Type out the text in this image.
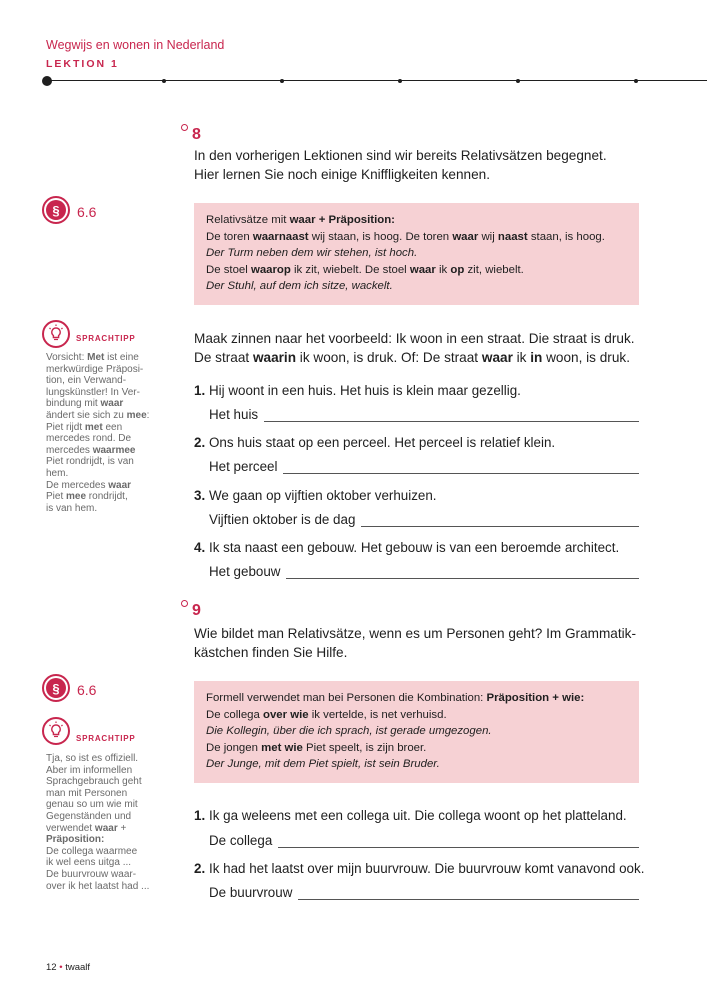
Wegwijs en wonen in Nederland
LEKTION 1
8
In den vorherigen Lektionen sind wir bereits Relativsätzen begegnet.
Hier lernen Sie noch einige Kniffligkeiten kennen.
§	6.6	Relativsätze mit waar + Präposition:
De toren waarnaast wij staan, is hoog. De toren waar wij naast staan, is hoog.
Der Turm neben dem wir stehen, ist hoch.
De stoel waarop ik zit, wiebelt. De stoel waar ik op zit, wiebelt.
Der Stuhl, auf dem ich sitze, wackelt.
SPRACHTIPP
Vorsicht: Met ist eine
merkwürdige Präposi-
tion, ein Verwand-
lungskünstler! In Ver-
bindung mit waar
ändert sie sich zu mee:
Piet rijdt met een
mercedes rond. De
mercedes waarmee
Piet rondrijdt, is van
hem.
De mercedes waar
Piet mee rondrijdt,
is van hem.
Maak zinnen naar het voorbeeld: Ik woon in een straat. Die straat is druk.
De straat waarin ik woon, is druk. Of: De straat waar ik in woon, is druk.
1. Hij woont in een huis. Het huis is klein maar gezellig.
Het huis
2. Ons huis staat op een perceel. Het perceel is relatief klein.
Het perceel
3. We gaan op vijftien oktober verhuizen.
Vijftien oktober is de dag
4. Ik sta naast een gebouw. Het gebouw is van een beroemde architect.
Het gebouw
9
Wie bildet man Relativsätze, wenn es um Personen geht? Im Grammatik-
kästchen finden Sie Hilfe.
§	6.6	Formell verwendet man bei Personen die Kombination: Präposition + wie:
De collega over wie ik vertelde, is net verhuisd.
Die Kollegin, über die ich sprach, ist gerade umgezogen.
De jongen met wie Piet speelt, is zijn broer.
Der Junge, mit dem Piet spielt, ist sein Bruder.
SPRACHTIPP
Tja, so ist es offiziell.
Aber im informellen
Sprachgebrauch geht
man mit Personen
genau so um wie mit
Gegenständen und
verwendet waar +
Präposition:
De collega waarmee
ik wel eens uitga ...
De buurvrouw waar-
over ik het laatst had ...
1. Ik ga weleens met een collega uit. Die collega woont op het platteland.
De collega
2. Ik had het laatst over mijn buurvrouw. Die buurvrouw komt vanavond ook.
De buurvrouw
12 • twaalf
